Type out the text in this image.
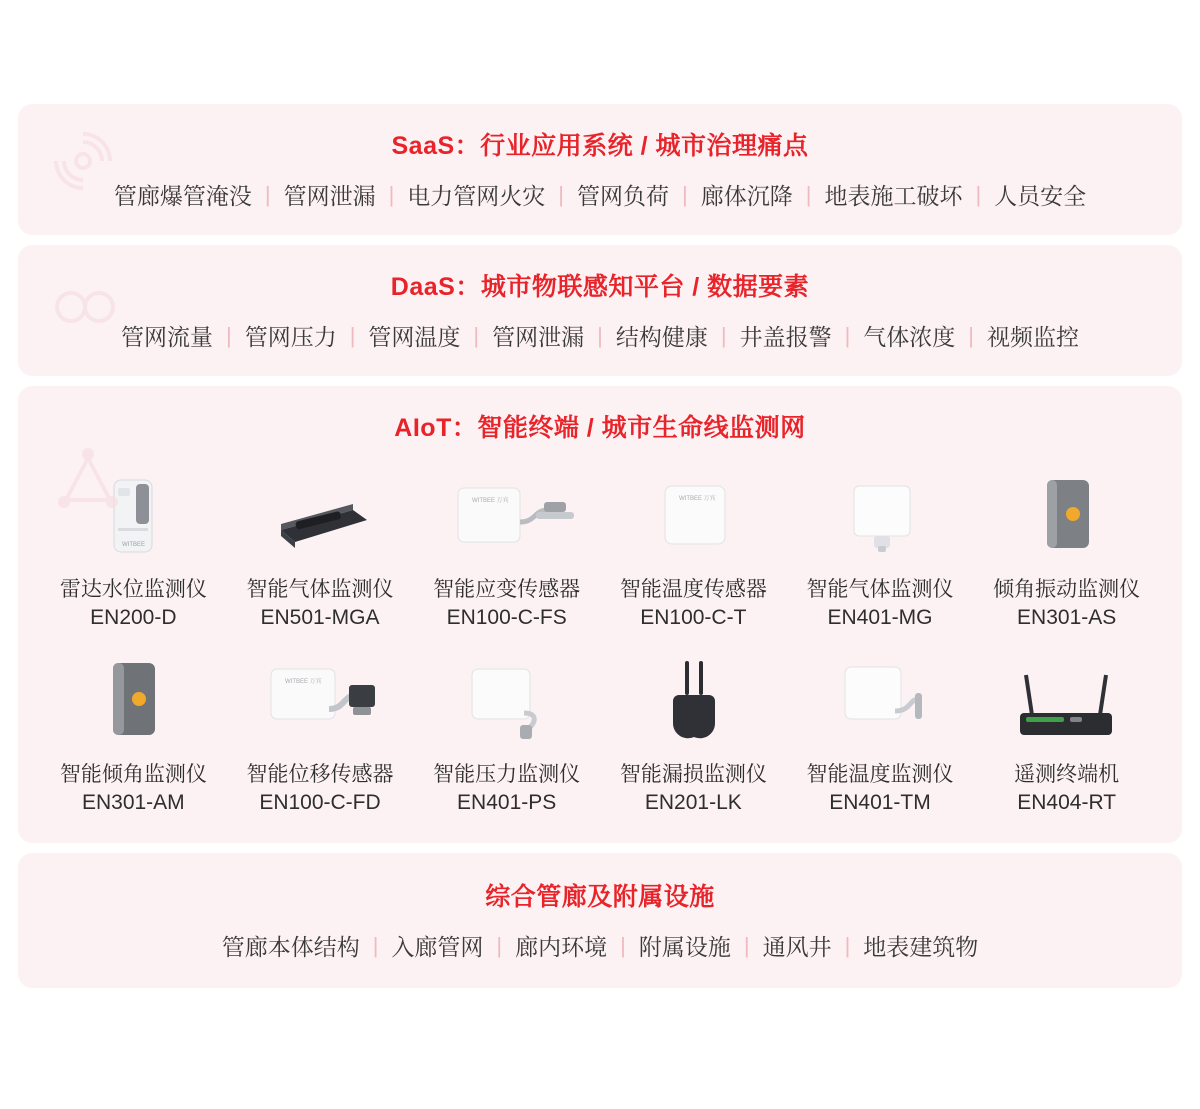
SaaS：行业应用系统 / 城市治理痛点
管廊爆管淹没 | 管网泄漏 | 电力管网火灾 | 管网负荷 | 廊体沉降 | 地表施工破坏 | 人员安全
DaaS：城市物联感知平台 / 数据要素
管网流量 | 管网压力 | 管网温度 | 管网泄漏 | 结构健康 | 井盖报警 | 气体浓度 | 视频监控
AIoT：智能终端 / 城市生命线监测网
WITBEE
雷达水位监测仪
EN200-D
智能气体监测仪
EN501-MGA
WITBEE 万宾
智能应变传感器
EN100-C-FS
WITBEE 万宾
智能温度传感器
EN100-C-T
智能气体监测仪
EN401-MG
倾角振动监测仪
EN301-AS
智能倾角监测仪
EN301-AM
WITBEE 万宾
智能位移传感器
EN100-C-FD
智能压力监测仪
EN401-PS
智能漏损监测仪
EN201-LK
智能温度监测仪
EN401-TM
遥测终端机
EN404-RT
综合管廊及附属设施
管廊本体结构 | 入廊管网 | 廊内环境 | 附属设施 | 通风井 | 地表建筑物
